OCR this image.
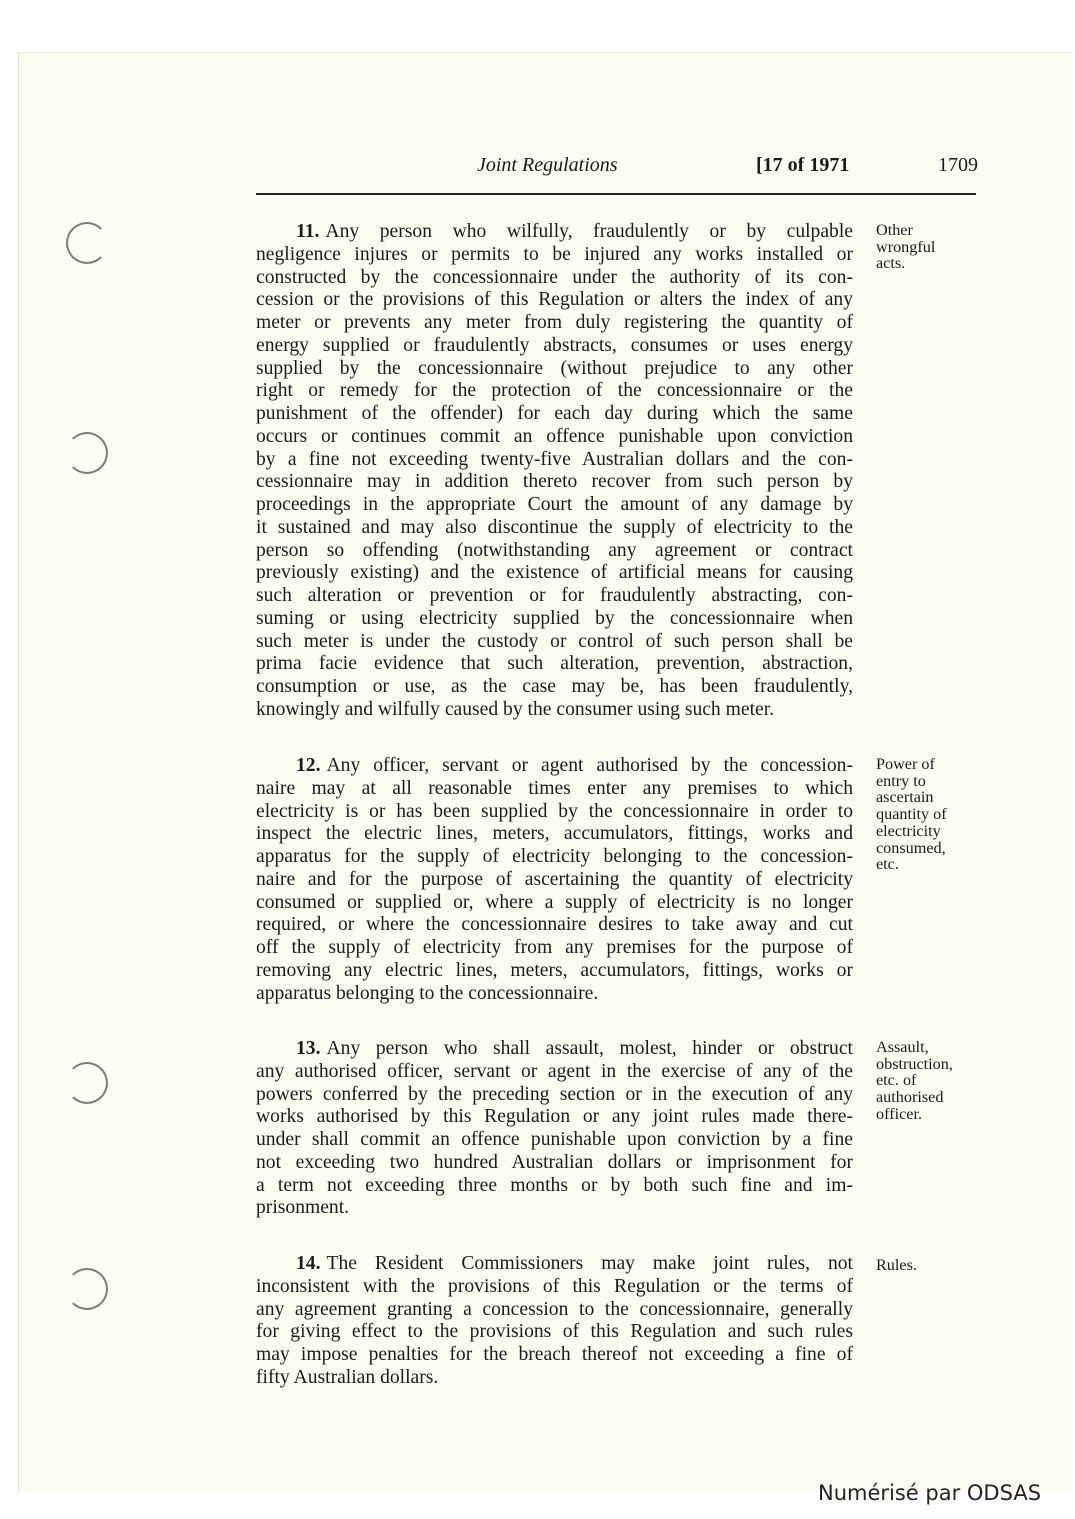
Joint Regulations	[17 of 1971	1709
11. Any person who wilfully, fraudulently or by culpable
negligence injures or permits to be injured any works installed or
constructed by the concessionnaire under the authority of its con-
cession or the provisions of this Regulation or alters the index of any
meter or prevents any meter from duly registering the quantity of
energy supplied or fraudulently abstracts, consumes or uses energy
supplied by the concessionnaire (without prejudice to any other
right or remedy for the protection of the concessionnaire or the
punishment of the offender) for each day during which the same
occurs or continues commit an offence punishable upon conviction
by a fine not exceeding twenty-five Australian dollars and the con-
cessionnaire may in addition thereto recover from such person by
proceedings in the appropriate Court the amount of any damage by
it sustained and may also discontinue the supply of electricity to the
person so offending (notwithstanding any agreement or contract
previously existing) and the existence of artificial means for causing
such alteration or prevention or for fraudulently abstracting, con-
suming or using electricity supplied by the concessionnaire when
such meter is under the custody or control of such person shall be
prima facie evidence that such alteration, prevention, abstraction,
consumption or use, as the case may be, has been fraudulently,
knowingly and wilfully caused by the consumer using such meter.
12. Any officer, servant or agent authorised by the concession-
naire may at all reasonable times enter any premises to which
electricity is or has been supplied by the concessionnaire in order to
inspect the electric lines, meters, accumulators, fittings, works and
apparatus for the supply of electricity belonging to the concession-
naire and for the purpose of ascertaining the quantity of electricity
consumed or supplied or, where a supply of electricity is no longer
required, or where the concessionnaire desires to take away and cut
off the supply of electricity from any premises for the purpose of
removing any electric lines, meters, accumulators, fittings, works or
apparatus belonging to the concessionnaire.
13. Any person who shall assault, molest, hinder or obstruct
any authorised officer, servant or agent in the exercise of any of the
powers conferred by the preceding section or in the execution of any
works authorised by this Regulation or any joint rules made there-
under shall commit an offence punishable upon conviction by a fine
not exceeding two hundred Australian dollars or imprisonment for
a term not exceeding three months or by both such fine and im-
prisonment.
14. The Resident Commissioners may make joint rules, not
inconsistent with the provisions of this Regulation or the terms of
any agreement granting a concession to the concessionnaire, generally
for giving effect to the provisions of this Regulation and such rules
may impose penalties for the breach thereof not exceeding a fine of
fifty Australian dollars.
Other
wrongful
acts.
Power of
entry to
ascertain
quantity of
electricity
consumed,
etc.
Assault,
obstruction,
etc. of
authorised
officer.
Rules.
Numérisé par ODSAS
